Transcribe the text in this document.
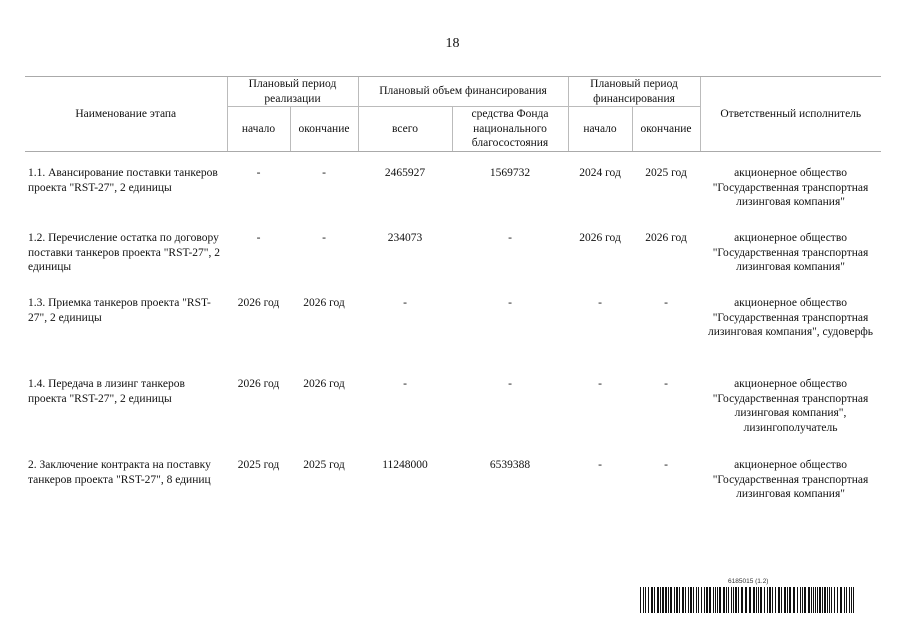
18
Наименование этапа	Плановый период реализации		Плановый объем финансирования		Плановый период финансирования		Ответственный исполнитель
	начало	окончание	всего	средства Фонда национального благосостояния	начало	окончание	

1.1. Авансирование поставки танкеров проекта "RST-27", 2 единицы	-	-	2465927	1569732	2024 год	2025 год	акционерное общество "Государственная транспортная лизинговая компания"
1.2. Перечисление остатка по договору поставки танкеров проекта "RST-27", 2 единицы	-	-	234073	-	2026 год	2026 год	акционерное общество "Государственная транспортная лизинговая компания"
1.3. Приемка танкеров проекта "RST-27", 2 единицы	2026 год	2026 год	-	-	-	-	акционерное общество "Государственная транспортная лизинговая компания", судоверфь
1.4. Передача в лизинг танкеров проекта "RST-27", 2 единицы	2026 год	2026 год	-	-	-	-	акционерное общество "Государственная транспортная лизинговая компания", лизингополучатель
2. Заключение контракта на поставку танкеров проекта "RST-27", 8 единиц	2025 год	2025 год	11248000	6539388	-	-	акционерное общество "Государственная транспортная лизинговая компания"
6185015 (1.2)
